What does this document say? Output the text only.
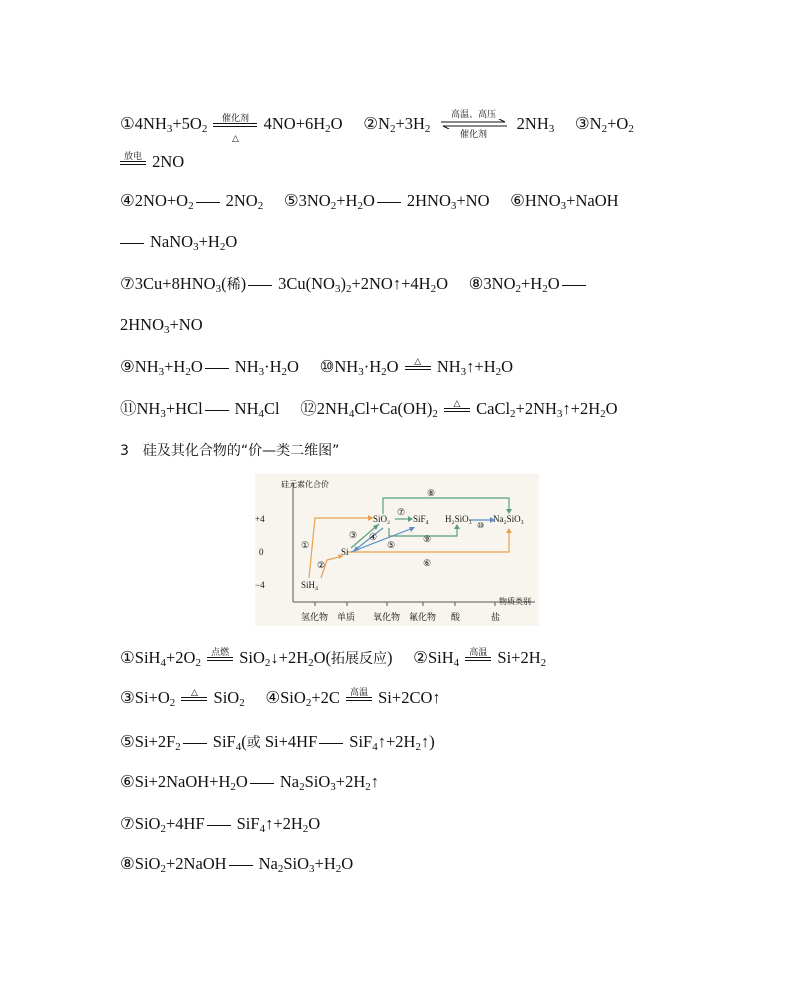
$①4NH_3+5O_2$
催化剂
△
$4NO+6H_2O$ $②N_2+3H_2$
高温、高压
催化剂
$2NH_3$ $③N_2+O_2$
放电 2NO
$④2NO+O_2$ $2NO_2$ $⑤3NO_2+H_2O$ $2HNO_3+NO$ $⑥HNO_3+NaOH$
$NaNO_3+H_2O$
$⑦3Cu+8HNO_3$(稀) $3Cu(NO_3)_2+2NO↑+4H_2O$ $⑧3NO_2+H_2O$
$2HNO_3+NO$
$⑨NH_3+H_2O$ $NH_3\cdot H_2O$ $⑩NH_3\cdot H_2O$	△ $NH_3↑+H_2O$
$⑪NH_3+HCl$ $NH_4Cl$ $⑫2NH_4Cl+Ca(OH)_2$
△ $CaCl_2+2NH_3↑+2H_2O$
3　硅及其化合物的“价—类二维图”
硅元素化合价
+4
0
−4	SiH₄
Si
SiO₂	SiF₄ H₂SiO₃ Na₂SiO₃
①
②
③ ④
⑤
⑥
⑦
⑧
⑨
⑩
物质类别
氢化物 单质 氧化物 氟化物 酸	盐
$①SiH_4+2O_2$
点燃 $SiO_2↓+2H_2O$(拓展反应) ②SiH$_4$
高温 $Si+2H_2$
$③Si+O_2$
△ SiO$_2$ ④SiO$_2$+2C	高温 Si+2CO↑
$⑤Si+2F_2$ SiF$_4$(或 Si+4HF $SiF_4↑+2H_2↑$)
$⑥Si+2NaOH+H_2O$ $Na_2SiO_3+2H_2↑$
⑦SiO$_2$+4HF $SiF_4↑+2H_2O$
⑧SiO$_2$+2NaOH $Na_2SiO_3+H_2O$
